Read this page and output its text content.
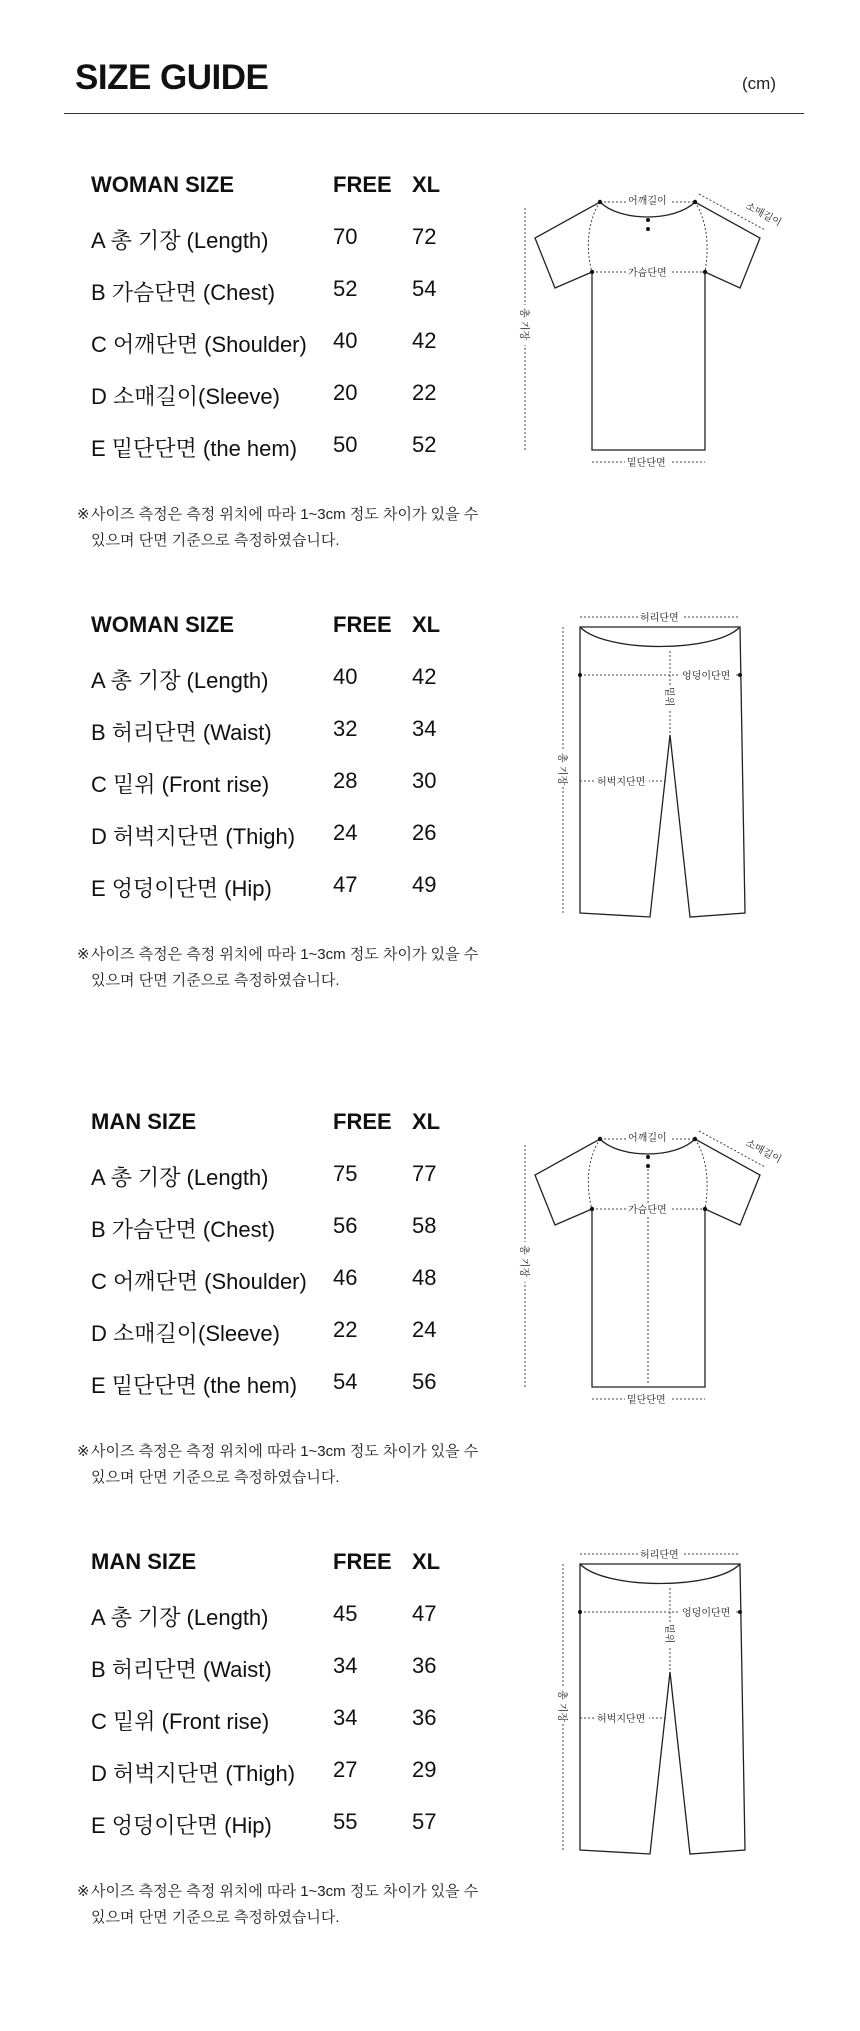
SIZE GUIDE	(cm)
WOMAN SIZE	FREE XL
A 총 기장 (Length)	70 72
B 가슴단면 (Chest)	52 54
C 어깨단면 (Shoulder) 40 42
D 소매길이(Sleeve) 20 22
E 밑단단면 (the hem) 50 52
※ 사이즈 측정은 측정 위치에 따라 1~3cm 정도 차이가 있을 수
있으며 단면 기준으로 측정하였습니다.
어깨길이
가슴단면
밑단단면
총 기장
소매길이
WOMAN SIZE	FREE XL
A 총 기장 (Length)	40 42
B 허리단면 (Waist)	32 34
C 밑위 (Front rise)	28 30
D 허벅지단면 (Thigh) 24 26
E 엉덩이단면 (Hip)	47 49
※ 사이즈 측정은 측정 위치에 따라 1~3cm 정도 차이가 있을 수
있으며 단면 기준으로 측정하였습니다.
허리단면
엉덩이단면
밑위
허벅지단면
총 기장
MAN SIZE	FREE XL
A 총 기장 (Length)	75 77
B 가슴단면 (Chest)	56 58
C 어깨단면 (Shoulder) 46 48
D 소매길이(Sleeve) 22 24
E 밑단단면 (the hem) 54 56
※ 사이즈 측정은 측정 위치에 따라 1~3cm 정도 차이가 있을 수
있으며 단면 기준으로 측정하였습니다.
어깨길이
가슴단면
밑단단면
총 기장
소매길이
MAN SIZE	FREE XL
A 총 기장 (Length)	45 47
B 허리단면 (Waist)	34 36
C 밑위 (Front rise)	34 36
D 허벅지단면 (Thigh) 27 29
E 엉덩이단면 (Hip)	55 57
※ 사이즈 측정은 측정 위치에 따라 1~3cm 정도 차이가 있을 수
있으며 단면 기준으로 측정하였습니다.
허리단면
엉덩이단면
밑위
허벅지단면
총 기장
